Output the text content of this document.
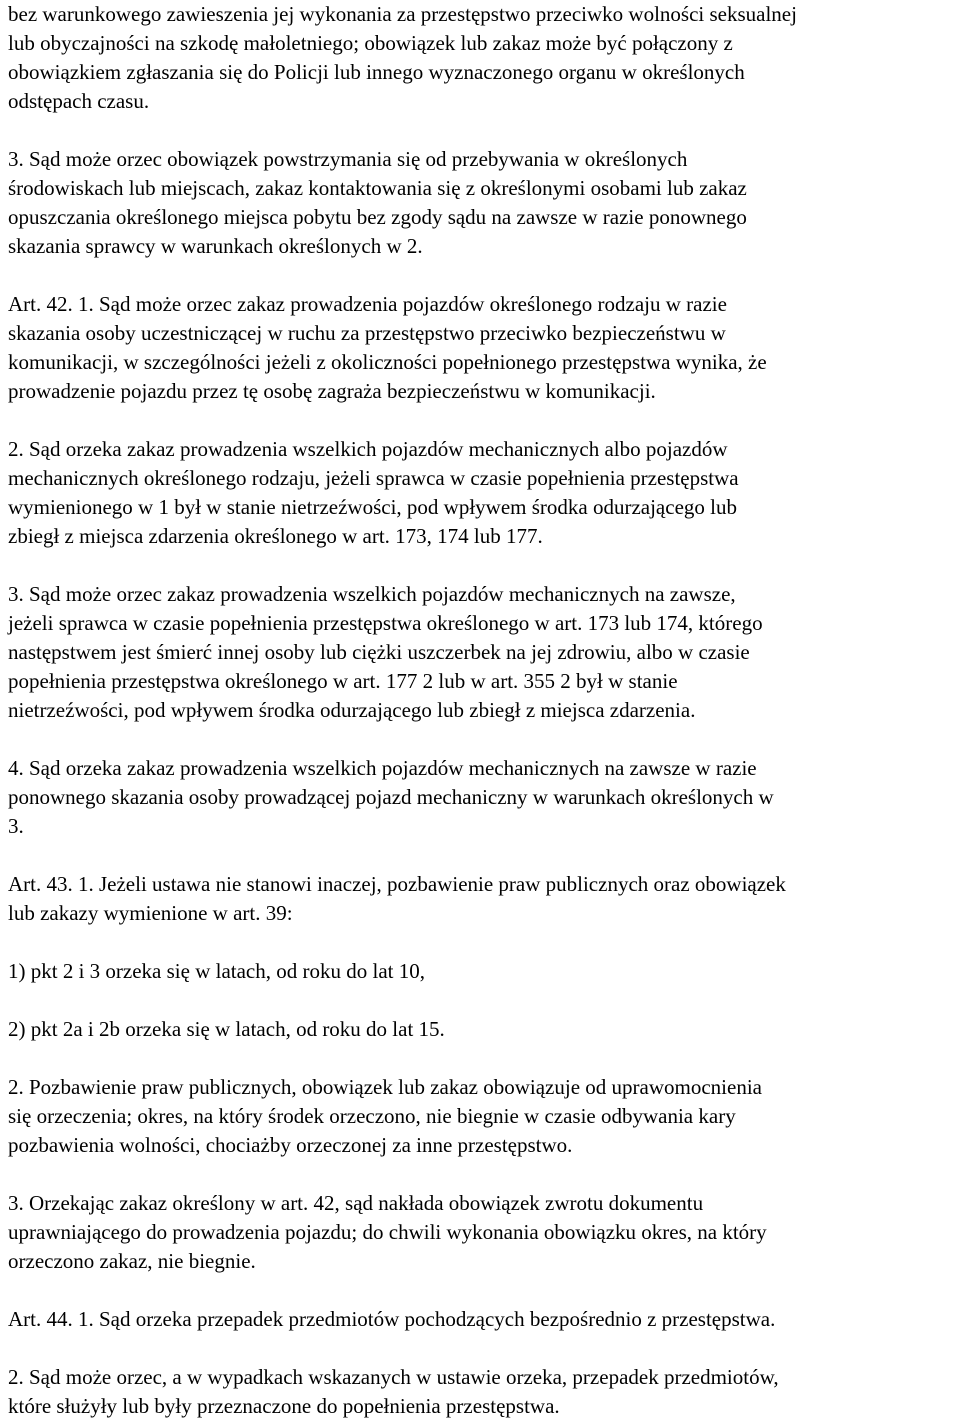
bez warunkowego zawieszenia jej wykonania za przestępstwo przeciwko wolności seksualnej
lub obyczajności na szkodę małoletniego; obowiązek lub zakaz może być połączony z
obowiązkiem zgłaszania się do Policji lub innego wyznaczonego organu w określonych
odstępach czasu.

3. Sąd może orzec obowiązek powstrzymania się od przebywania w określonych
środowiskach lub miejscach, zakaz kontaktowania się z określonymi osobami lub zakaz
opuszczania określonego miejsca pobytu bez zgody sądu na zawsze w razie ponownego
skazania sprawcy w warunkach określonych w 2.

Art. 42. 1. Sąd może orzec zakaz prowadzenia pojazdów określonego rodzaju w razie
skazania osoby uczestniczącej w ruchu za przestępstwo przeciwko bezpieczeństwu w
komunikacji, w szczególności jeżeli z okoliczności popełnionego przestępstwa wynika, że
prowadzenie pojazdu przez tę osobę zagraża bezpieczeństwu w komunikacji.

2. Sąd orzeka zakaz prowadzenia wszelkich pojazdów mechanicznych albo pojazdów
mechanicznych określonego rodzaju, jeżeli sprawca w czasie popełnienia przestępstwa
wymienionego w 1 był w stanie nietrzeźwości, pod wpływem środka odurzającego lub
zbiegł z miejsca zdarzenia określonego w art. 173, 174 lub 177.

3. Sąd może orzec zakaz prowadzenia wszelkich pojazdów mechanicznych na zawsze,
jeżeli sprawca w czasie popełnienia przestępstwa określonego w art. 173 lub 174, którego
następstwem jest śmierć innej osoby lub ciężki uszczerbek na jej zdrowiu, albo w czasie
popełnienia przestępstwa określonego w art. 177 2 lub w art. 355 2 był w stanie
nietrzeźwości, pod wpływem środka odurzającego lub zbiegł z miejsca zdarzenia.

4. Sąd orzeka zakaz prowadzenia wszelkich pojazdów mechanicznych na zawsze w razie
ponownego skazania osoby prowadzącej pojazd mechaniczny w warunkach określonych w
3.

Art. 43. 1. Jeżeli ustawa nie stanowi inaczej, pozbawienie praw publicznych oraz obowiązek
lub zakazy wymienione w art. 39:

1) pkt 2 i 3 orzeka się w latach, od roku do lat 10,

2) pkt 2a i 2b orzeka się w latach, od roku do lat 15.

2. Pozbawienie praw publicznych, obowiązek lub zakaz obowiązuje od uprawomocnienia
się orzeczenia; okres, na który środek orzeczono, nie biegnie w czasie odbywania kary
pozbawienia wolności, chociażby orzeczonej za inne przestępstwo.

3. Orzekając zakaz określony w art. 42, sąd nakłada obowiązek zwrotu dokumentu
uprawniającego do prowadzenia pojazdu; do chwili wykonania obowiązku okres, na który
orzeczono zakaz, nie biegnie.

Art. 44. 1. Sąd orzeka przepadek przedmiotów pochodzących bezpośrednio z przestępstwa.

2. Sąd może orzec, a w wypadkach wskazanych w ustawie orzeka, przepadek przedmiotów,
które służyły lub były przeznaczone do popełnienia przestępstwa.
